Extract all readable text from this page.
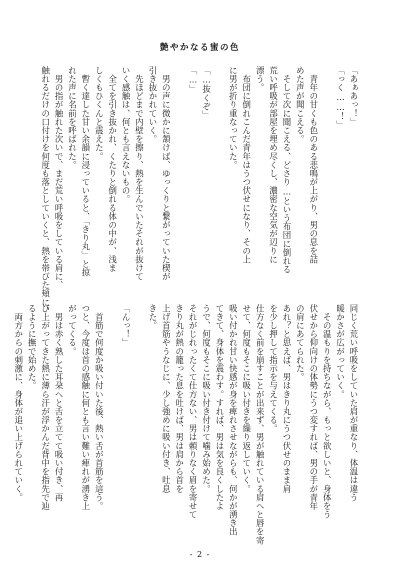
艶やかなる蜜の色
「あぁあっ！」
「っく……！」

　青年の甘くも色のある悲鳴が上がり、男の息を詰
めた声が聞こえる。
　そして次に聞こえる、どさり…という布団に倒れる
荒い呼吸が部屋を埋め尽くし、濃密な空気が辺りに
漂う。
　布団に倒れこんだ青年はうつ伏せになり、その上
に男が折り重なっていた。

「…抜くぞ」
「…」

　男の声に微かに頷けば、ゆっくりと繋がっていた楔が
引き抜かれていく。
　先ほどまで内壁を擦り、熱を生んでいたそれが抜けて
いく感触は、何とも言えないもの。
　全てを引き抜かれ、くたりと倒れる体の中が、浅ま
しくもひくんと震えた。
　暫く達した甘い余韻に浸っていると、「きり丸」と掠
れた声に名前を呼ばれた。
　男の指が触れた次いで、まだ荒い呼吸をしている肩に、
触れるだけの口付けを何度も落としていくと、熱を帯びた頬に、
同じく荒い呼吸をしていた肩が重なり、体温は違う
暖かさが広がっていく。
　その温もりを持ちながら、もっと欲しいと、身体をう
伏せから仰向けの体勢にうつ変すれば、男の手が青年
の肩にあてられた。
あれ？と思えば、男はきり丸にうつ伏せのまま肩
を少し押して指示を与えてくる。
仕方なく前を崩すことが出来ず、男が触れている肩へと唇を寄
せて、何度もそこに吸い付きを繰り返していく。
吸い付かれ甘い快感が身を痺れさせながらも、何かが湧き出
てきて、身体を震わす。すれば、男は気を良くしたよ
うで、何度もそこに吸い付き付けて噛み始めた。
それがじれったくて仕方ない、男は頼りなく眉を寄せて
きり丸が熱の籠った息を吐けば、男は肩から首を
上げ首筋やうなじに、少し強めに吸い付き、吐息
きた。

「んっ！」

　首筋で何度か吸い付いた後、熱い舌が首筋を這う。
つと、今度は首の感触に何とも言い難い痺れが湧き上
がってくる。
　男は赤く熟した耳朶へと舌を立てて吸い付き、再
び上がってきた熱に薄ら汗が浮かんだ背中を指先で辿
るように撫で始めた。
　両方からの刺激に、身体が追い上げられていく。
- 2 -
